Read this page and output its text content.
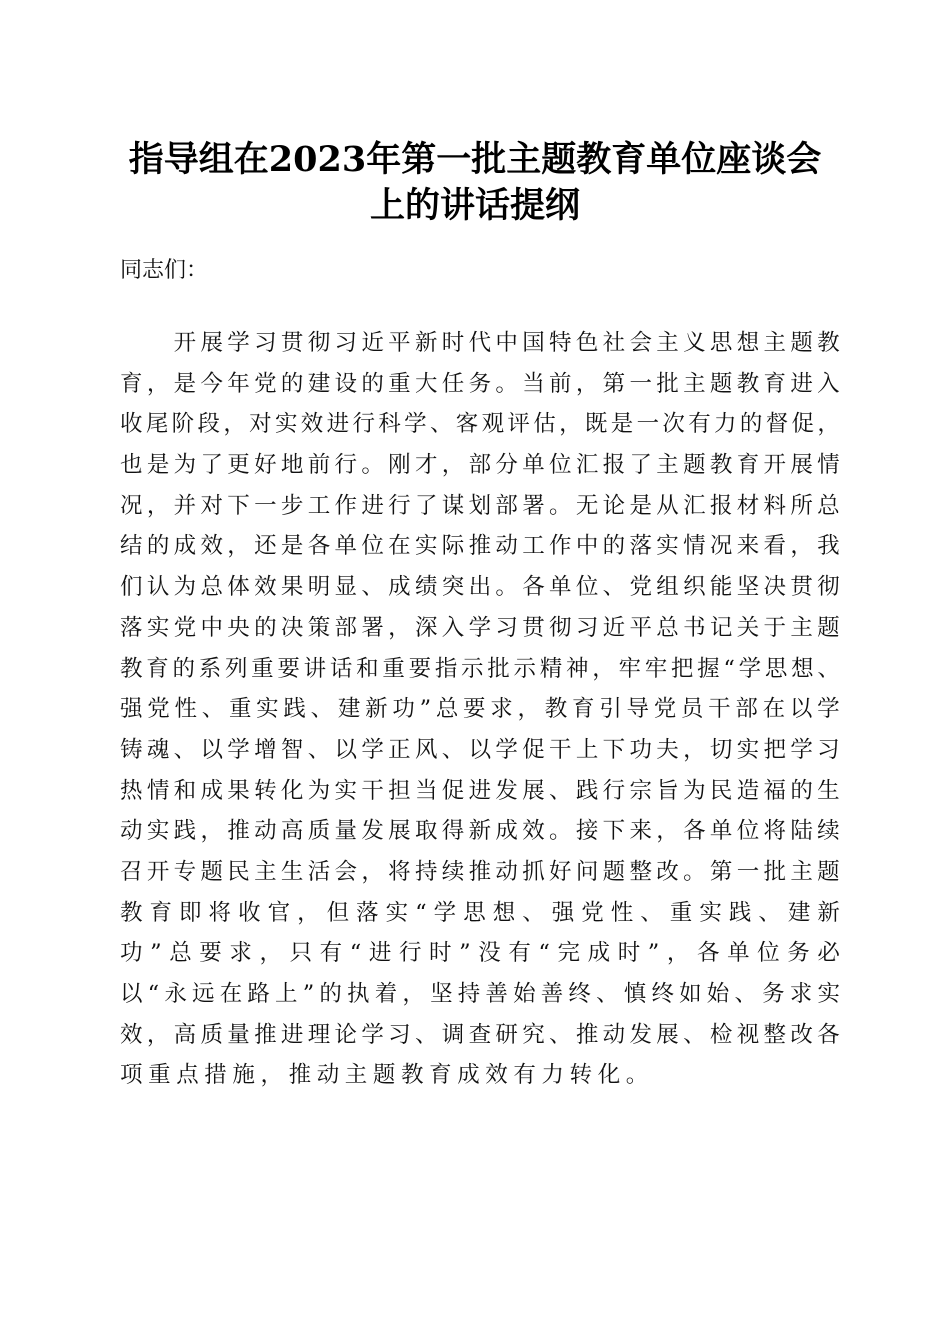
指导组在2023年第一批主题教育单位座谈会
上的讲话提纲
同志们：

开 展 学 习 贯 彻 习 近 平 新 时 代 中 国 特 色 社 会 主 义 思 想 主 题 教
育 ， 是 今 年 党 的 建 设 的 重 大 任 务 。 当 前 ， 第 一 批 主 题 教 育 进 入
收 尾 阶 段 ， 对 实 效 进 行 科 学 、 客 观 评 估 ， 既 是 一 次 有 力 的 督 促 ，
也 是 为 了 更 好 地 前 行 。 刚 才 ， 部 分 单 位 汇 报 了 主 题 教 育 开 展 情
况 ， 并 对 下 一 步 工 作 进 行 了 谋 划 部 署 。 无 论 是 从 汇 报 材 料 所 总
结 的 成 效 ， 还 是 各 单 位 在 实 际 推 动 工 作 中 的 落 实 情 况 来 看 ， 我
们 认 为 总 体 效 果 明 显 、 成 绩 突 出 。 各 单 位 、 党 组 织 能 坚 决 贯 彻
落 实 党 中 央 的 决 策 部 署 ， 深 入 学 习 贯 彻 习 近 平 总 书 记 关 于 主 题
教 育 的 系 列 重 要 讲 话 和 重 要 指 示 批 示 精 神 ， 牢 牢 把 握 “ 学 思 想 、
强 党 性 、 重 实 践 、 建 新 功 ” 总 要 求 ， 教 育 引 导 党 员 干 部 在 以 学
铸 魂 、 以 学 增 智 、 以 学 正 风 、 以 学 促 干 上 下 功 夫 ， 切 实 把 学 习
热 情 和 成 果 转 化 为 实 干 担 当 促 进 发 展 、 践 行 宗 旨 为 民 造 福 的 生
动 实 践 ， 推 动 高 质 量 发 展 取 得 新 成 效 。 接 下 来 ， 各 单 位 将 陆 续
召 开 专 题 民 主 生 活 会 ， 将 持 续 推 动 抓 好 问 题 整 改 。 第 一 批 主 题
教 育 即 将 收 官 ， 但 落 实 “ 学 思 想 、 强 党 性 、 重 实 践 、 建 新
功 ” 总 要 求 ， 只 有 “ 进 行 时 ” 没 有 “ 完 成 时 ” ， 各 单 位 务 必
以 “ 永 远 在 路 上 ” 的 执 着 ， 坚 持 善 始 善 终 、 慎 终 如 始 、 务 求 实
效 ， 高 质 量 推 进 理 论 学 习 、 调 查 研 究 、 推 动 发 展 、 检 视 整 改 各
项重点措施，推动主题教育成效有力转化。
